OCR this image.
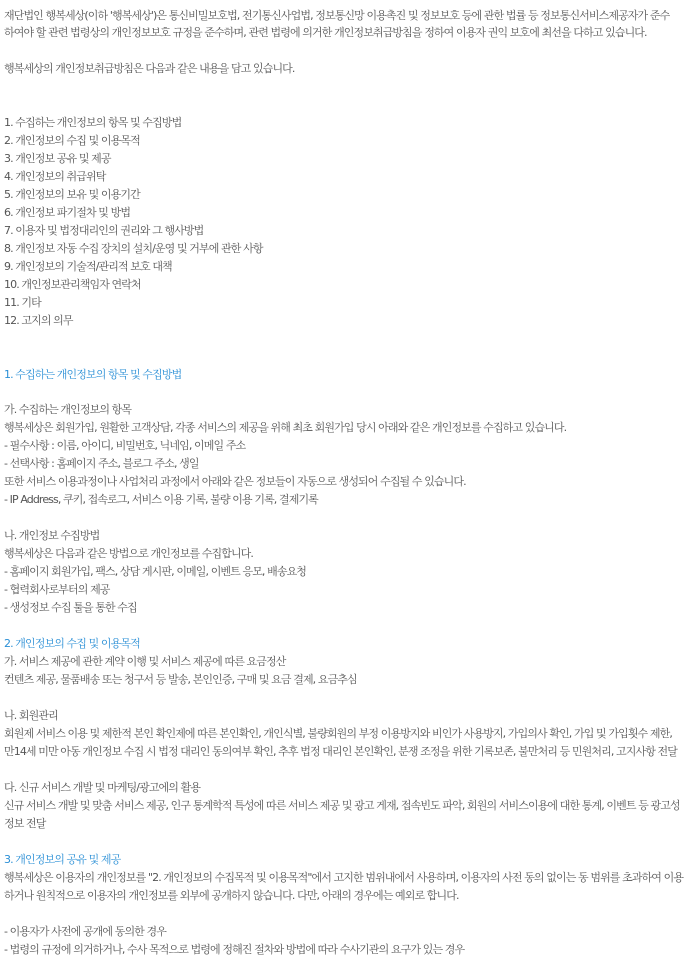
재단법인 행복세상(이하 '행복세상')은 통신비밀보호법, 전기통신사업법, 정보통신망 이용촉진 및 정보보호 등에 관한 법률 등 정보통신서비스제공자가 준수
하여야 할 관련 법령상의 개인정보보호 규정을 준수하며, 관련 법령에 의거한 개인정보취급방침을 정하여 이용자 권익 보호에 최선을 다하고 있습니다.
행복세상의 개인정보취급방침은 다음과 같은 내용을 담고 있습니다.
1. 수집하는 개인정보의 항목 및 수집방법
2. 개인정보의 수집 및 이용목적
3. 개인정보 공유 및 제공
4. 개인정보의 취급위탁
5. 개인정보의 보유 및 이용기간
6. 개인정보 파기절차 및 방법
7. 이용자 및 법정대리인의 권리와 그 행사방법
8. 개인정보 자동 수집 장치의 설치/운영 및 거부에 관한 사항
9. 개인정보의 기술적/관리적 보호 대책
10. 개인정보관리책임자 연락처
11. 기타
12. 고지의 의무
1. 수집하는 개인정보의 항목 및 수집방법
가. 수집하는 개인정보의 항목
행복세상은 회원가입, 원활한 고객상담, 각종 서비스의 제공을 위해 최초 회원가입 당시 아래와 같은 개인정보를 수집하고 있습니다.
- 필수사항 : 이름, 아이디, 비밀번호, 닉네임, 이메일 주소
- 선택사항 : 홈페이지 주소, 블로그 주소, 생일
또한 서비스 이용과정이나 사업처리 과정에서 아래와 같은 정보들이 자동으로 생성되어 수집될 수 있습니다.
- IP Address, 쿠키, 접속로그, 서비스 이용 기록, 불량 이용 기록, 결제기록
나. 개인정보 수집방법
행복세상은 다음과 같은 방법으로 개인정보를 수집합니다.
- 홈페이지 회원가입, 팩스, 상담 게시판, 이메일, 이벤트 응모, 배송요청
- 협력회사로부터의 제공
- 생성정보 수집 툴을 통한 수집
2. 개인정보의 수집 및 이용목적
가. 서비스 제공에 관한 계약 이행 및 서비스 제공에 따른 요금정산
컨텐츠 제공, 물품배송 또는 청구서 등 발송, 본인인증, 구매 및 요금 결제, 요금추심
나. 회원관리
회원제 서비스 이용 및 제한적 본인 확인제에 따른 본인확인, 개인식별, 불량회원의 부정 이용방지와 비인가 사용방지, 가입의사 확인, 가입 및 가입횟수 제한,
만14세 미만 아동 개인정보 수집 시 법정 대리인 동의여부 확인, 추후 법정 대리인 본인확인, 분쟁 조정을 위한 기록보존, 불만처리 등 민원처리, 고지사항 전달
다. 신규 서비스 개발 및 마케팅/광고에의 활용
신규 서비스 개발 및 맞춤 서비스 제공, 인구 통계학적 특성에 따른 서비스 제공 및 광고 게재, 접속빈도 파악, 회원의 서비스이용에 대한 통계, 이벤트 등 광고성
정보 전달
3. 개인정보의 공유 및 제공
행복세상은 이용자의 개인정보를 "2. 개인정보의 수집목적 및 이용목적"에서 고지한 범위내에서 사용하며, 이용자의 사전 동의 없이는 동 범위를 초과하여 이용
하거나 원칙적으로 이용자의 개인정보를 외부에 공개하지 않습니다. 다만, 아래의 경우에는 예외로 합니다.
- 이용자가 사전에 공개에 동의한 경우
- 법령의 규정에 의거하거나, 수사 목적으로 법령에 정해진 절차와 방법에 따라 수사기관의 요구가 있는 경우
